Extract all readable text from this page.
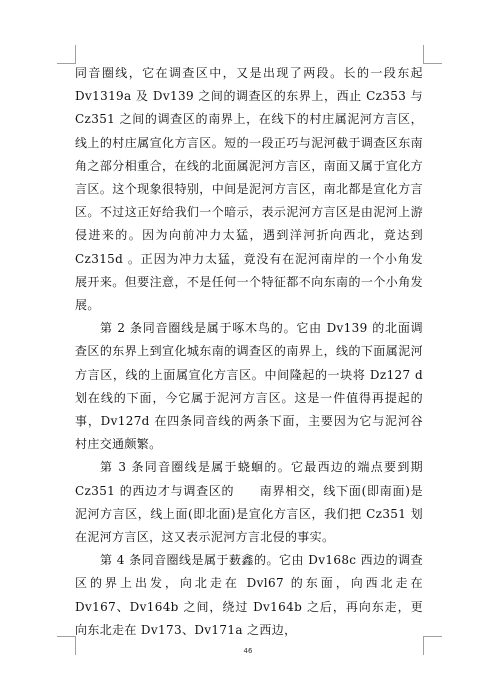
同音圈线，它在调查区中，又是出现了两段。长的一段东起 Dv1319a 及 Dv139 之间的调查区的东界上，西止 Cz353 与 Cz351 之间的调查区的南界上，在线下的村庄属泥河方言区，线上的村庄属宣化方言区。短的一段正巧与泥河截于调查区东南角之部分相重合，在线的北面属泥河方言区，南面又属于宣化方言区。这个现象很特别，中间是泥河方言区，南北都是宣化方言区。不过这正好给我们一个暗示，表示泥河方言区是由泥河上游侵进来的。因为向前冲力太猛，遇到洋河折向西北，竟达到 Cz315d 。正因为冲力太猛，竟没有在泥河南岸的一个小角发展开来。但要注意，不是任何一个特征都不向东南的一个小角发展。

第 2 条同音圈线是属于啄木鸟的。它由 Dv139 的北面调查区的东界上到宣化城东南的调查区的南界上，线的下面属泥河方言区，线的上面属宣化方言区。中间隆起的一块将 Dz127 d 划在线的下面，今它属于泥河方言区。这是一件值得再提起的事，Dv127d 在四条同音线的两条下面，主要因为它与泥河谷村庄交通颇繁。

第 3 条同音圈线是属于蛲蛔的。它最西边的端点要到期 Cz351 的西边才与调查区的　　南界相交，线下面(即南面)是泥河方言区，线上面(即北面)是宣化方言区，我们把 Cz351 划在泥河方言区，这又表示泥河方言北侵的事实。

第 4 条同音圈线是属于薮鑫的。它由 Dv168c 西边的调查区的界上出发，向北走在 Dvl67 的东面，向西北走在 Dv167、Dv164b 之间，绕过 Dv164b 之后，再向东走，更向东北走在 Dv173、Dv171a 之西边，

46
